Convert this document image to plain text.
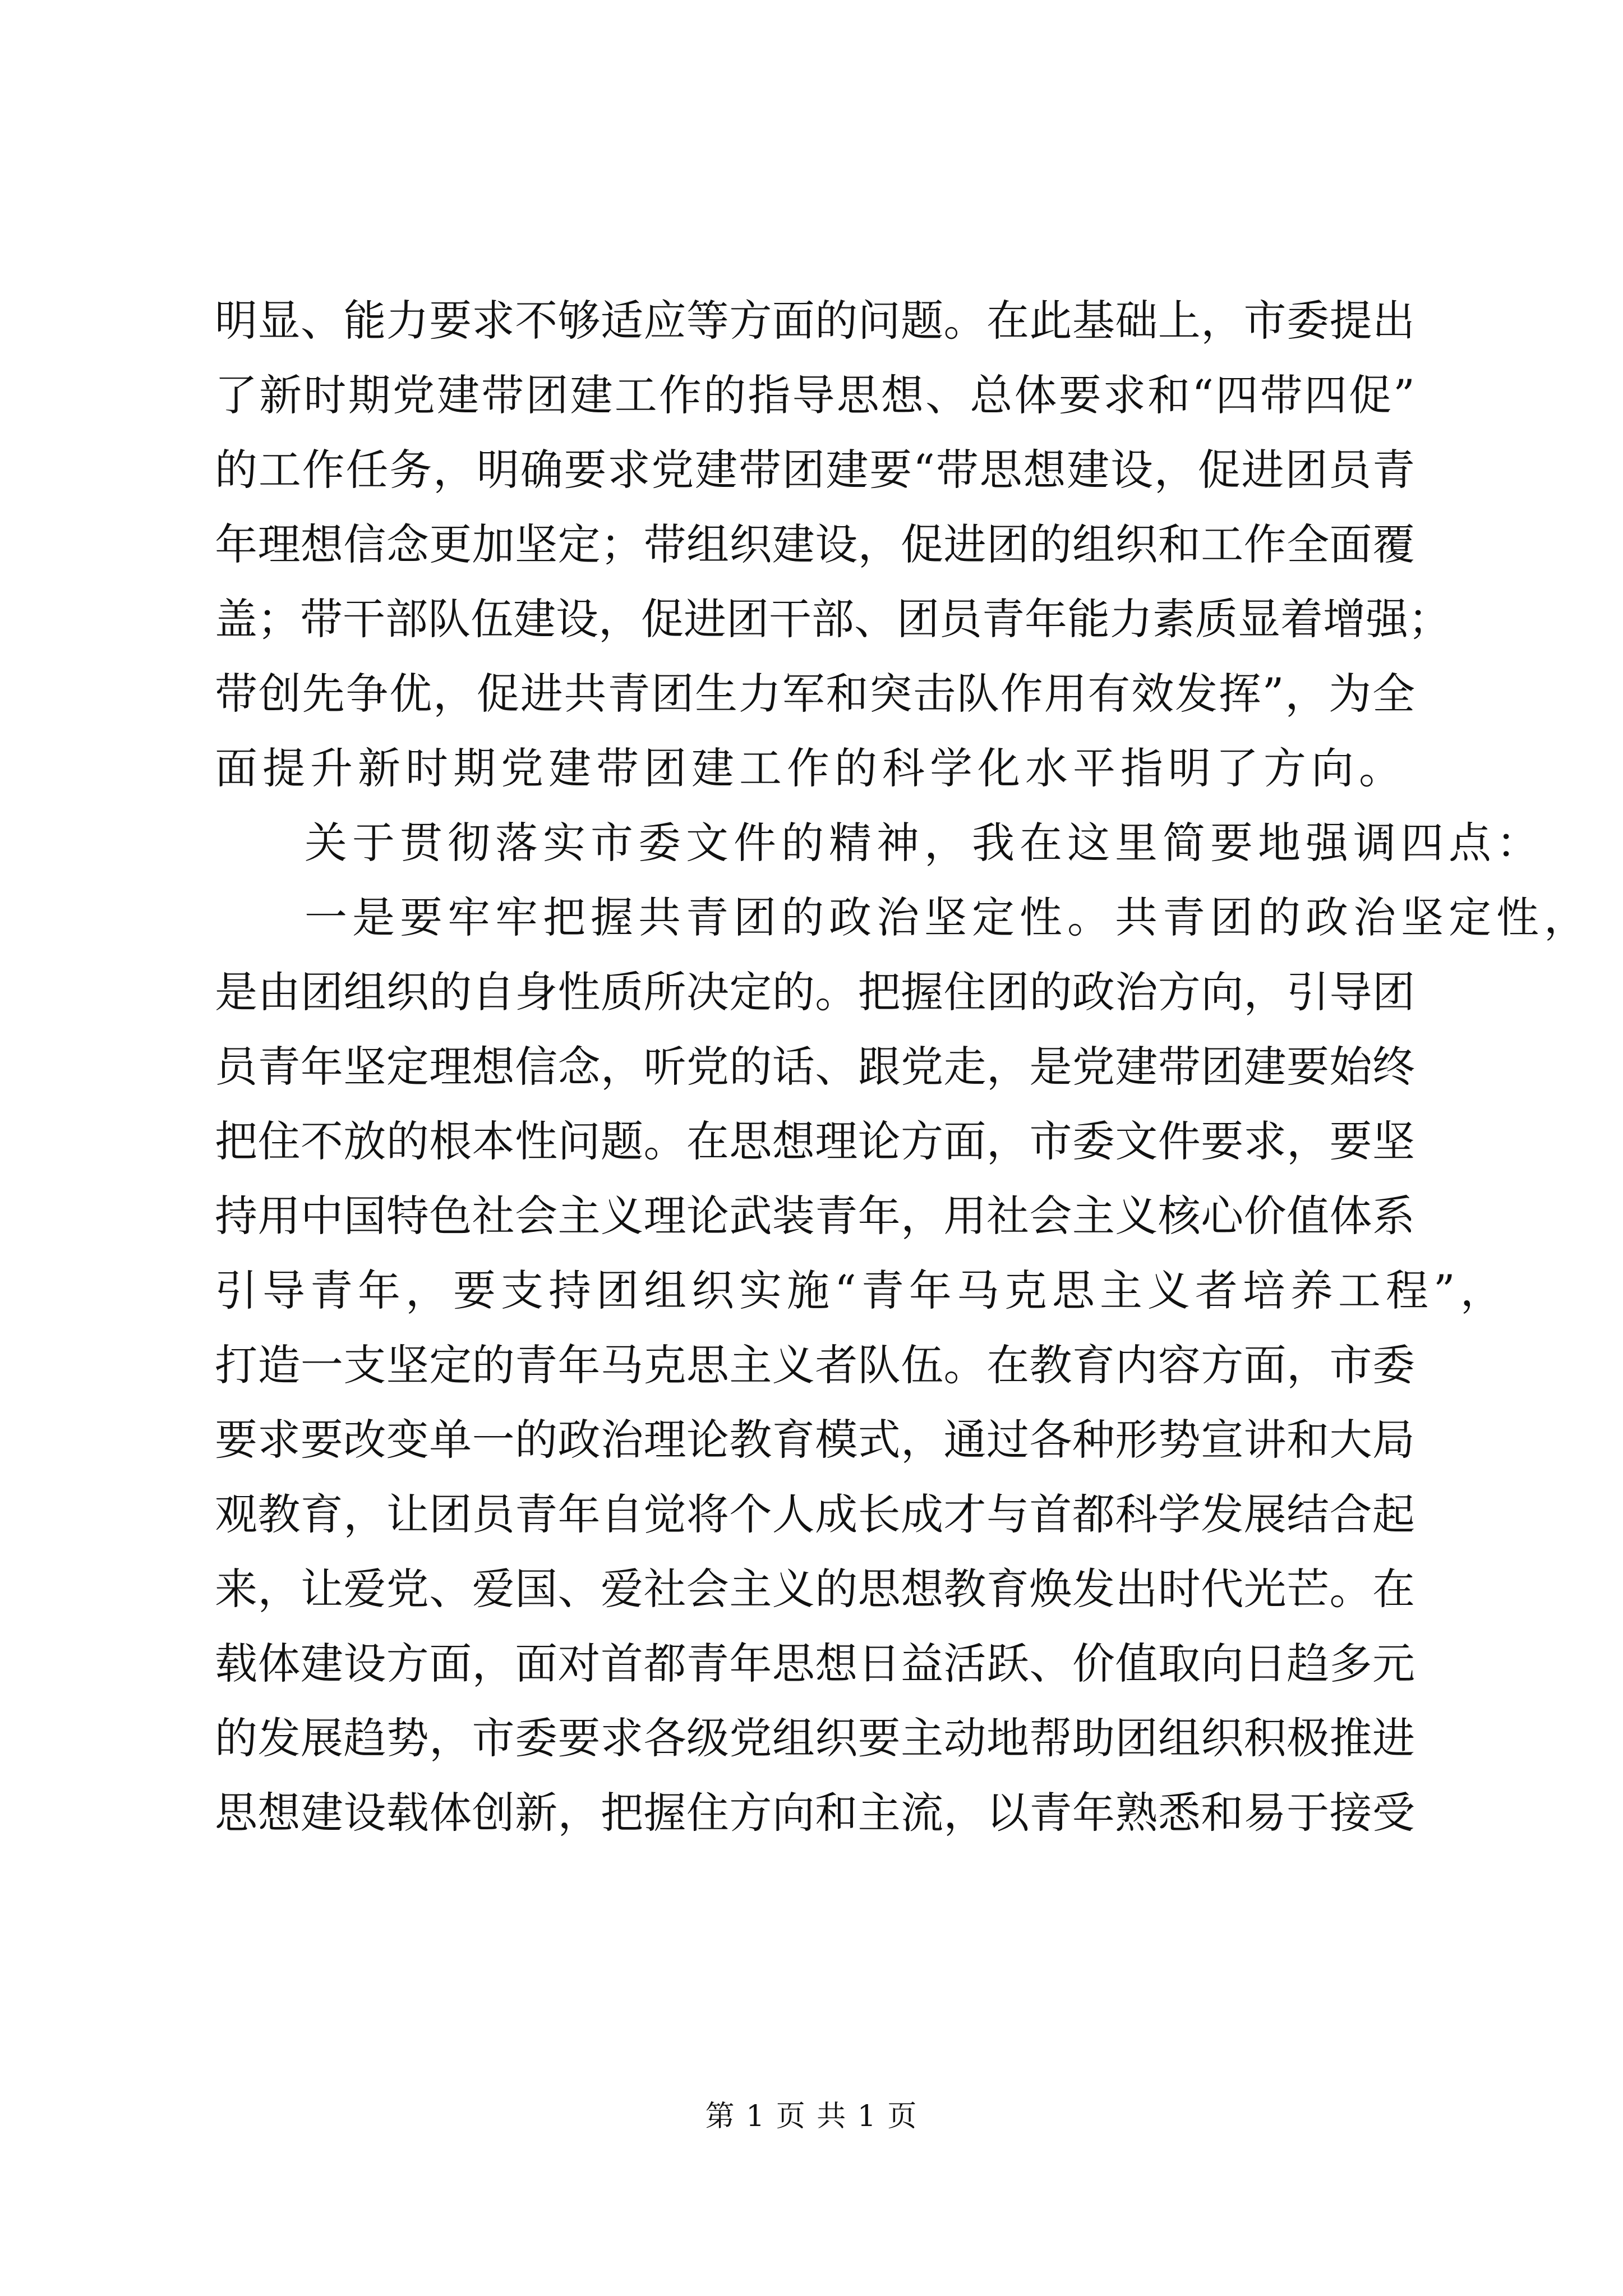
明显、能力要求不够适应等方面的问题。在此基础上，市委提出
了新时期党建带团建工作的指导思想、总体要求和“四带四促”
的工作任务，明确要求党建带团建要“带思想建设，促进团员青
年理想信念更加坚定；带组织建设，促进团的组织和工作全面覆
盖；带干部队伍建设，促进团干部、团员青年能力素质显着增强；
带创先争优，促进共青团生力军和突击队作用有效发挥”，为全
面提升新时期党建带团建工作的科学化水平指明了方向。
关于贯彻落实市委文件的精神，我在这里简要地强调四点：
一是要牢牢把握共青团的政治坚定性。共青团的政治坚定性，
是由团组织的自身性质所决定的。把握住团的政治方向，引导团
员青年坚定理想信念，听党的话、跟党走，是党建带团建要始终
把住不放的根本性问题。在思想理论方面，市委文件要求，要坚
持用中国特色社会主义理论武装青年，用社会主义核心价值体系
引导青年，要支持团组织实施“青年马克思主义者培养工程”，
打造一支坚定的青年马克思主义者队伍。在教育内容方面，市委
要求要改变单一的政治理论教育模式，通过各种形势宣讲和大局
观教育，让团员青年自觉将个人成长成才与首都科学发展结合起
来，让爱党、爱国、爱社会主义的思想教育焕发出时代光芒。在
载体建设方面，面对首都青年思想日益活跃、价值取向日趋多元
的发展趋势，市委要求各级党组织要主动地帮助团组织积极推进
思想建设载体创新，把握住方向和主流，以青年熟悉和易于接受
第 1 页 共 1 页
